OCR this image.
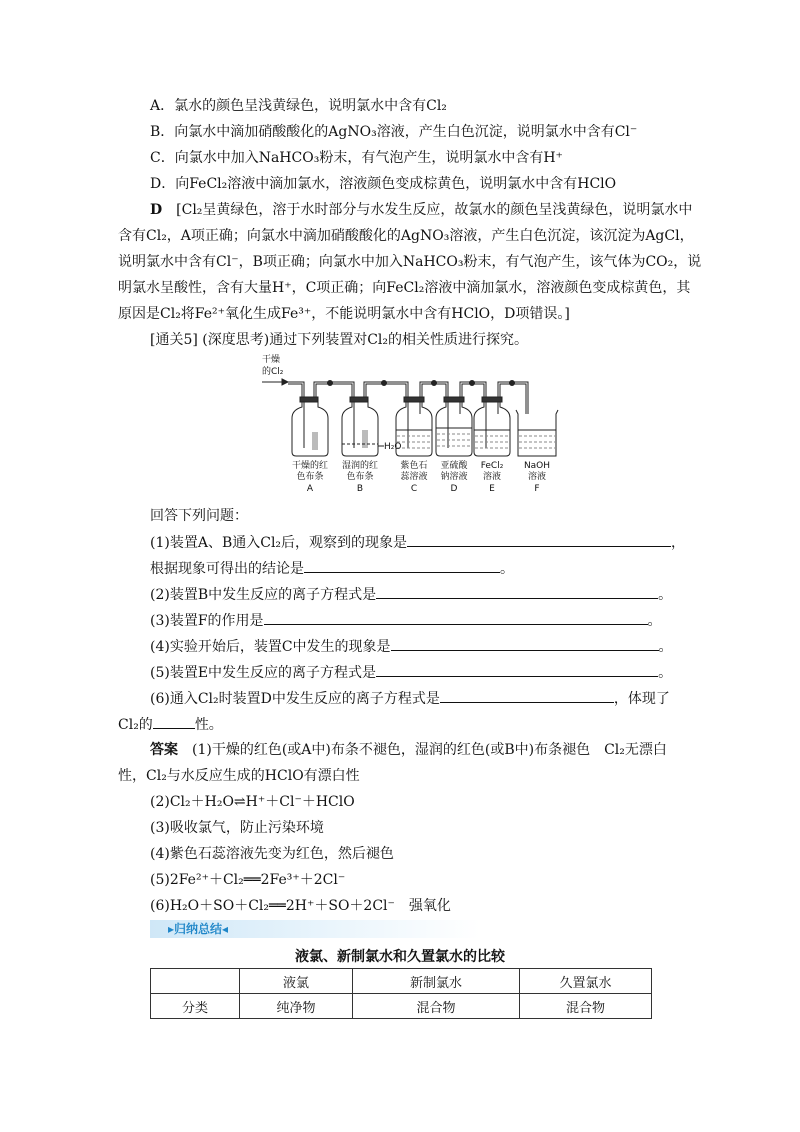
A．氯水的颜色呈浅黄绿色，说明氯水中含有Cl₂
B．向氯水中滴加硝酸酸化的AgNO₃溶液，产生白色沉淀，说明氯水中含有Cl⁻
C．向氯水中加入NaHCO₃粉末，有气泡产生，说明氯水中含有H⁺
D．向FeCl₂溶液中滴加氯水，溶液颜色变成棕黄色，说明氯水中含有HClO
D　 [Cl₂呈黄绿色，溶于水时部分与水发生反应，故氯水的颜色呈浅黄绿色，说明氯水中
含有Cl₂，A项正确；向氯水中滴加硝酸酸化的AgNO₃溶液，产生白色沉淀，该沉淀为AgCl，
说明氯水中含有Cl⁻，B项正确；向氯水中加入NaHCO₃粉末，有气泡产生，该气体为CO₂，说
明氯水呈酸性，含有大量H⁺，C项正确；向FeCl₂溶液中滴加氯水，溶液颜色变成棕黄色，其
原因是Cl₂将Fe²⁺氧化生成Fe³⁺，不能说明氯水中含有HClO，D项错误。]
[通关5] (深度思考)通过下列装置对Cl₂的相关性质进行探究。
干燥
的Cl₂
H₂O
干燥的红
色布条
A
湿润的红
色布条
B
紫色石
蕊溶液
C
亚硫酸
钠溶液
D
FeCl₂
溶液
E
NaOH
溶液
F
回答下列问题：
(1)装置A、B通入Cl₂后，观察到的现象是	，
根据现象可得出的结论是	。
(2)装置B中发生反应的离子方程式是	。
(3)装置F的作用是	。
(4)实验开始后，装置C中发生的现象是	。
(5)装置E中发生反应的离子方程式是	。
(6)通入Cl₂时装置D中发生反应的离子方程式是	，体现了
Cl₂的	性。
答案　 (1)干燥的红色(或A中)布条不褪色，湿润的红色(或B中)布条褪色　Cl₂无漂白
性，Cl₂与水反应生成的HClO有漂白性
(2)Cl₂＋H₂O⇌H⁺＋Cl⁻＋HClO
(3)吸收氯气，防止污染环境
(4)紫色石蕊溶液先变为红色，然后褪色
(5)2Fe²⁺＋Cl₂══2Fe³⁺＋2Cl⁻
(6)H₂O＋SO＋Cl₂══2H⁺＋SO＋2Cl⁻　强氧化
▸归纳总结◂
液氯、新制氯水和久置氯水的比较
	液氯	新制氯水	久置氯水
分类	纯净物	混合物	混合物
